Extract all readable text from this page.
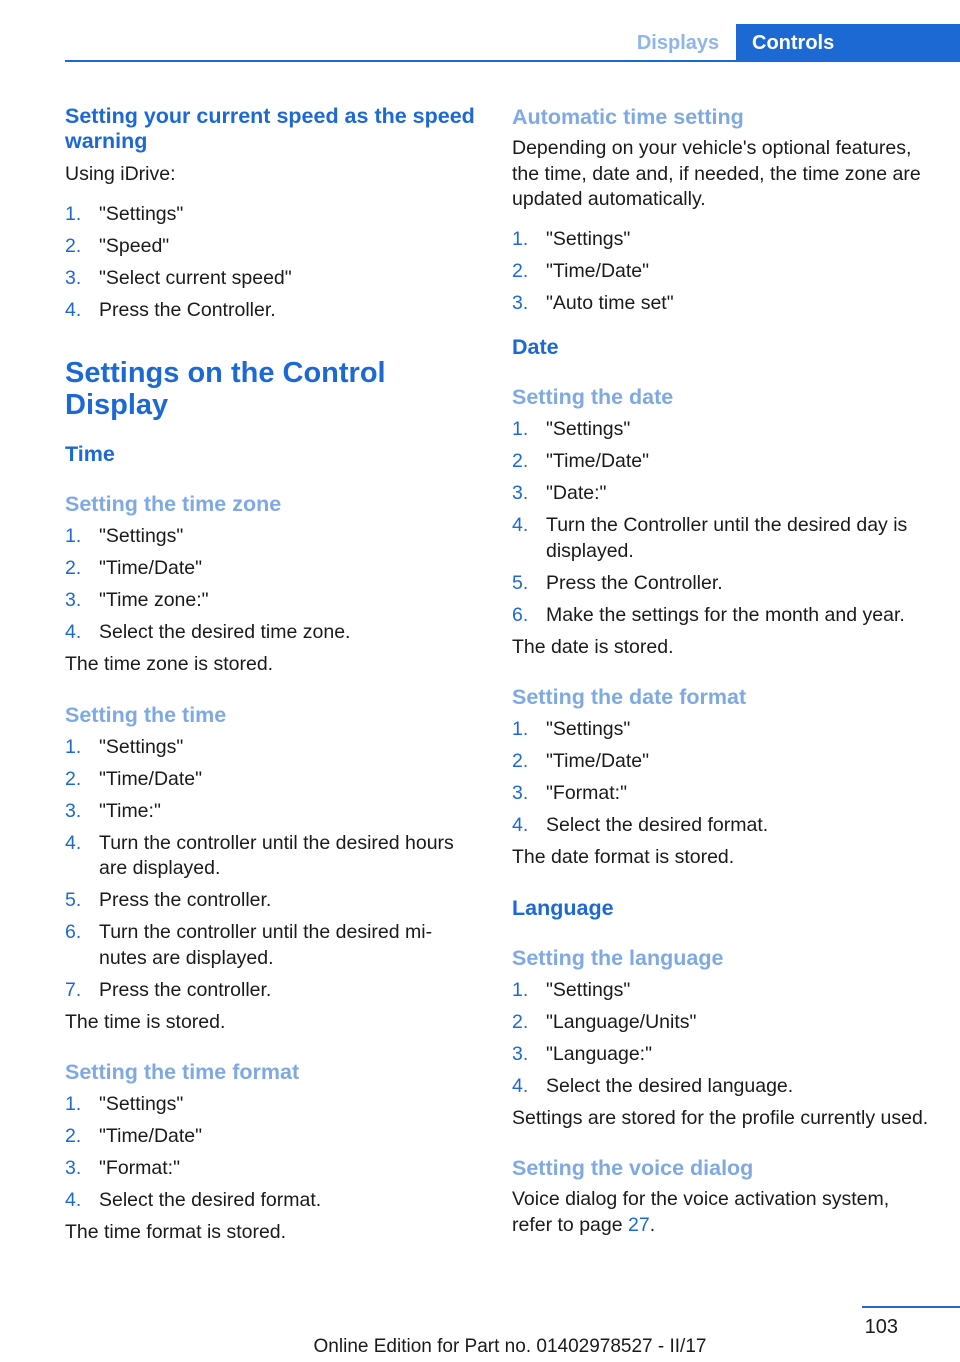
Displays	Controls
Setting your current speed as the speed warning

Using iDrive:

1. "Settings"
2. "Speed"
3. "Select current speed"
4. Press the Controller.
Settings on the Control Display
Time
Setting the time zone
1. "Settings"
2. "Time/Date"
3. "Time zone:"
4. Select the desired time zone.

The time zone is stored.

Setting the time
1. "Settings"
2. "Time/Date"
3. "Time:"
4. Turn the controller until the desired hours are displayed.
5. Press the controller.
6. Turn the controller until the desired mi‐ nutes are displayed.
7. Press the controller.

The time is stored.

Setting the time format
1. "Settings"
2. "Time/Date"
3. "Format:"
4. Select the desired format.

The time format is stored.

Automatic time setting

Depending on your vehicle's optional features, the time, date and, if needed, the time zone are updated automatically.

1. "Settings"
2. "Time/Date"
3. "Auto time set"
Date
Setting the date
1. "Settings"
2. "Time/Date"
3. "Date:"
4. Turn the Controller until the desired day is displayed.
5. Press the Controller.
6. Make the settings for the month and year.

The date is stored.

Setting the date format
1. "Settings"
2. "Time/Date"
3. "Format:"
4. Select the desired format.

The date format is stored.

Language
Setting the language
1. "Settings"
2. "Language/Units"
3. "Language:"
4. Select the desired language.

Settings are stored for the profile currently used.

Setting the voice dialog

Voice dialog for the voice activation system, refer to page 27.

103
Online Edition for Part no. 01402978527 - II/17
